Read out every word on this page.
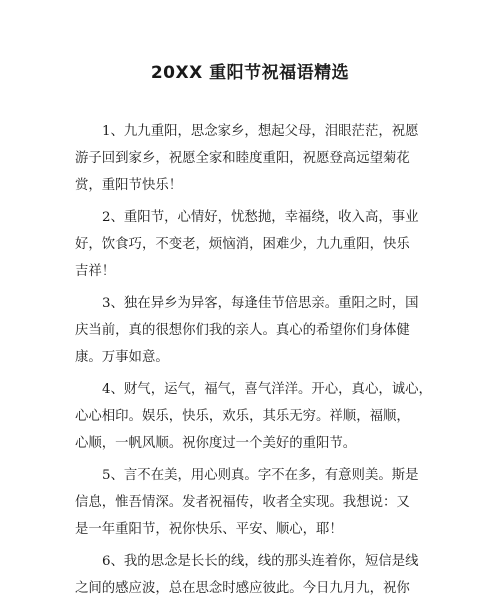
20XX 重阳节祝福语精选
1、九九重阳，思念家乡，想起父母，泪眼茫茫，祝愿
游子回到家乡，祝愿全家和睦度重阳，祝愿登高远望菊花
赏，重阳节快乐！
2、重阳节，心情好，忧愁抛，幸福绕，收入高，事业
好，饮食巧，不变老，烦恼消，困难少，九九重阳，快乐
吉祥！
3、独在异乡为异客，每逢佳节倍思亲。重阳之时，国
庆当前，真的很想你们我的亲人。真心的希望你们身体健
康。万事如意。
4、财气，运气，福气，喜气洋洋。开心，真心，诚心，
心心相印。娱乐，快乐，欢乐，其乐无穷。祥顺，福顺，
心顺，一帆风顺。祝你度过一个美好的重阳节。
5、言不在美，用心则真。字不在多，有意则美。斯是
信息，惟吾情深。发者祝福传，收者全实现。我想说：又
是一年重阳节，祝你快乐、平安、顺心，耶！
6、我的思念是长长的线，线的那头连着你，短信是线
之间的感应波，总在思念时感应彼此。今日九月九，祝你
